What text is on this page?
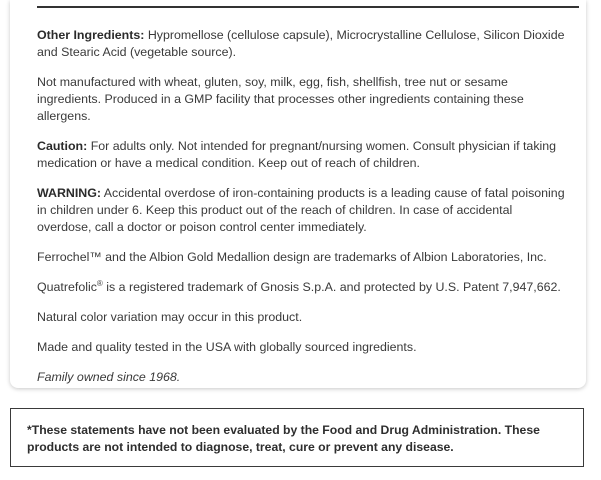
Other Ingredients: Hypromellose (cellulose capsule), Microcrystalline Cellulose, Silicon Dioxide and Stearic Acid (vegetable source).

Not manufactured with wheat, gluten, soy, milk, egg, fish, shellfish, tree nut or sesame ingredients. Produced in a GMP facility that processes other ingredients containing these allergens.

Caution: For adults only. Not intended for pregnant/nursing women. Consult physician if taking medication or have a medical condition. Keep out of reach of children.

WARNING: Accidental overdose of iron-containing products is a leading cause of fatal poisoning in children under 6. Keep this product out of the reach of children. In case of accidental overdose, call a doctor or poison control center immediately.

Ferrochel™ and the Albion Gold Medallion design are trademarks of Albion Laboratories, Inc.

Quatrefolic® is a registered trademark of Gnosis S.p.A. and protected by U.S. Patent 7,947,662.

Natural color variation may occur in this product.

Made and quality tested in the USA with globally sourced ingredients.

Family owned since 1968.

*These statements have not been evaluated by the Food and Drug Administration. These products are not intended to diagnose, treat, cure or prevent any disease.
